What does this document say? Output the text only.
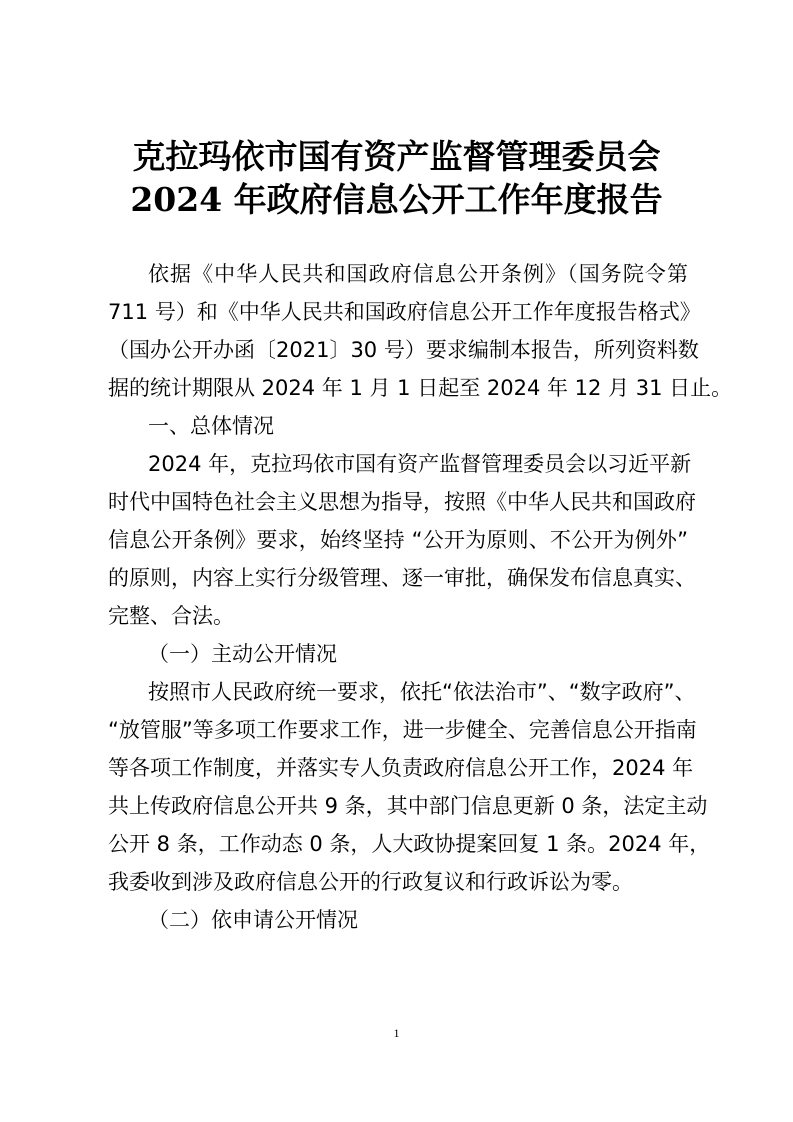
克拉玛依市国有资产监督管理委员会
2024 年政府信息公开工作年度报告
依据《中华人民共和国政府信息公开条例》（国务院令第
711 号）和《中华人民共和国政府信息公开工作年度报告格式》
（国办公开办函〔2021〕30 号）要求编制本报告，所列资料数
据的统计期限从 2024 年 1 月 1 日起至 2024 年 12 月 31 日止。
一、总体情况
2024 年，克拉玛依市国有资产监督管理委员会以习近平新
时代中国特色社会主义思想为指导，按照《中华人民共和国政府
信息公开条例》要求，始终坚持 “公开为原则、不公开为例外”
的原则，内容上实行分级管理、逐一审批，确保发布信息真实、
完整、合法。
（一）主动公开情况
按照市人民政府统一要求，依托“依法治市”、“数字政府”、
“放管服”等多项工作要求工作，进一步健全、完善信息公开指南
等各项工作制度，并落实专人负责政府信息公开工作，2024 年
共上传政府信息公开共 9 条，其中部门信息更新 0 条，法定主动
公开 8 条，工作动态 0 条，人大政协提案回复 1 条。2024 年，
我委收到涉及政府信息公开的行政复议和行政诉讼为零。
（二）依申请公开情况
1
